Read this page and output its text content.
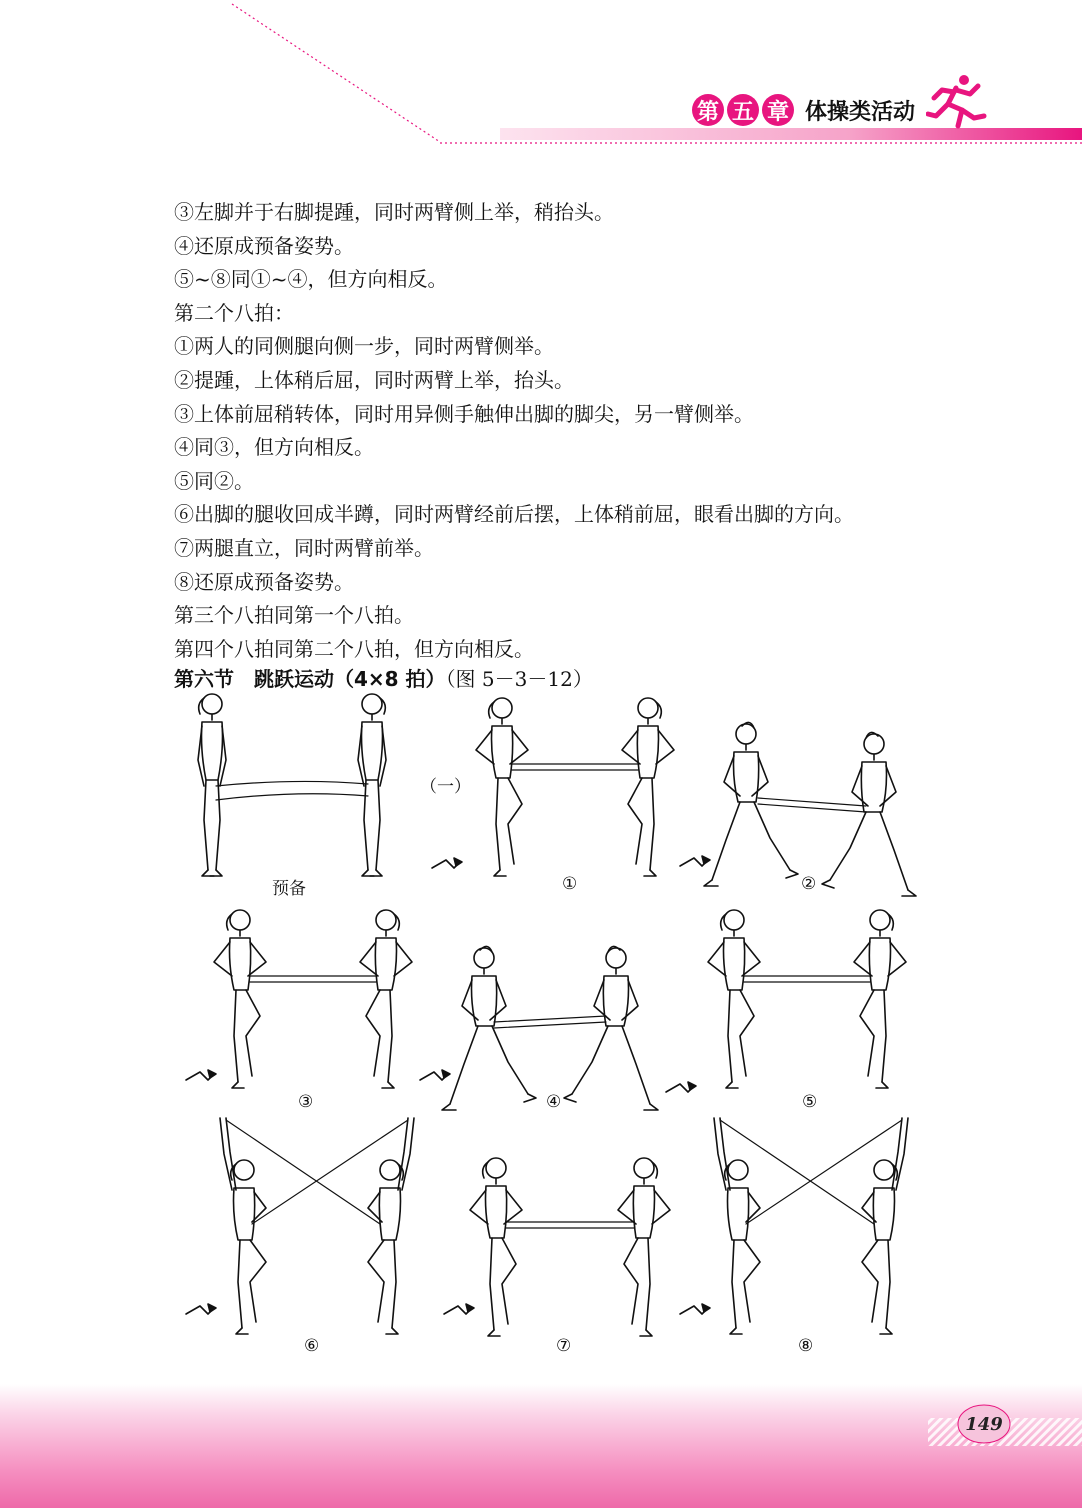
第 五 章 体操类活动

③左脚并于右脚提踵，同时两臂侧上举，稍抬头。

④还原成预备姿势。

⑤~⑧同①~④，但方向相反。

第二个八拍：

①两人的同侧腿向侧一步，同时两臂侧举。

②提踵，上体稍后屈，同时两臂上举，抬头。

③上体前屈稍转体，同时用异侧手触伸出脚的脚尖，另一臂侧举。

④同③，但方向相反。

⑤同②。

⑥出脚的腿收回成半蹲，同时两臂经前后摆，上体稍前屈，眼看出脚的方向。

⑦两腿直立，同时两臂前举。

⑧还原成预备姿势。

第三个八拍同第一个八拍。

第四个八拍同第二个八拍，但方向相反。

第六节　跳跃运动（4×8 拍）（图 5－3－12）
（一）
预备	①	②
③	④	⑤
⑥	⑦	⑧
149
